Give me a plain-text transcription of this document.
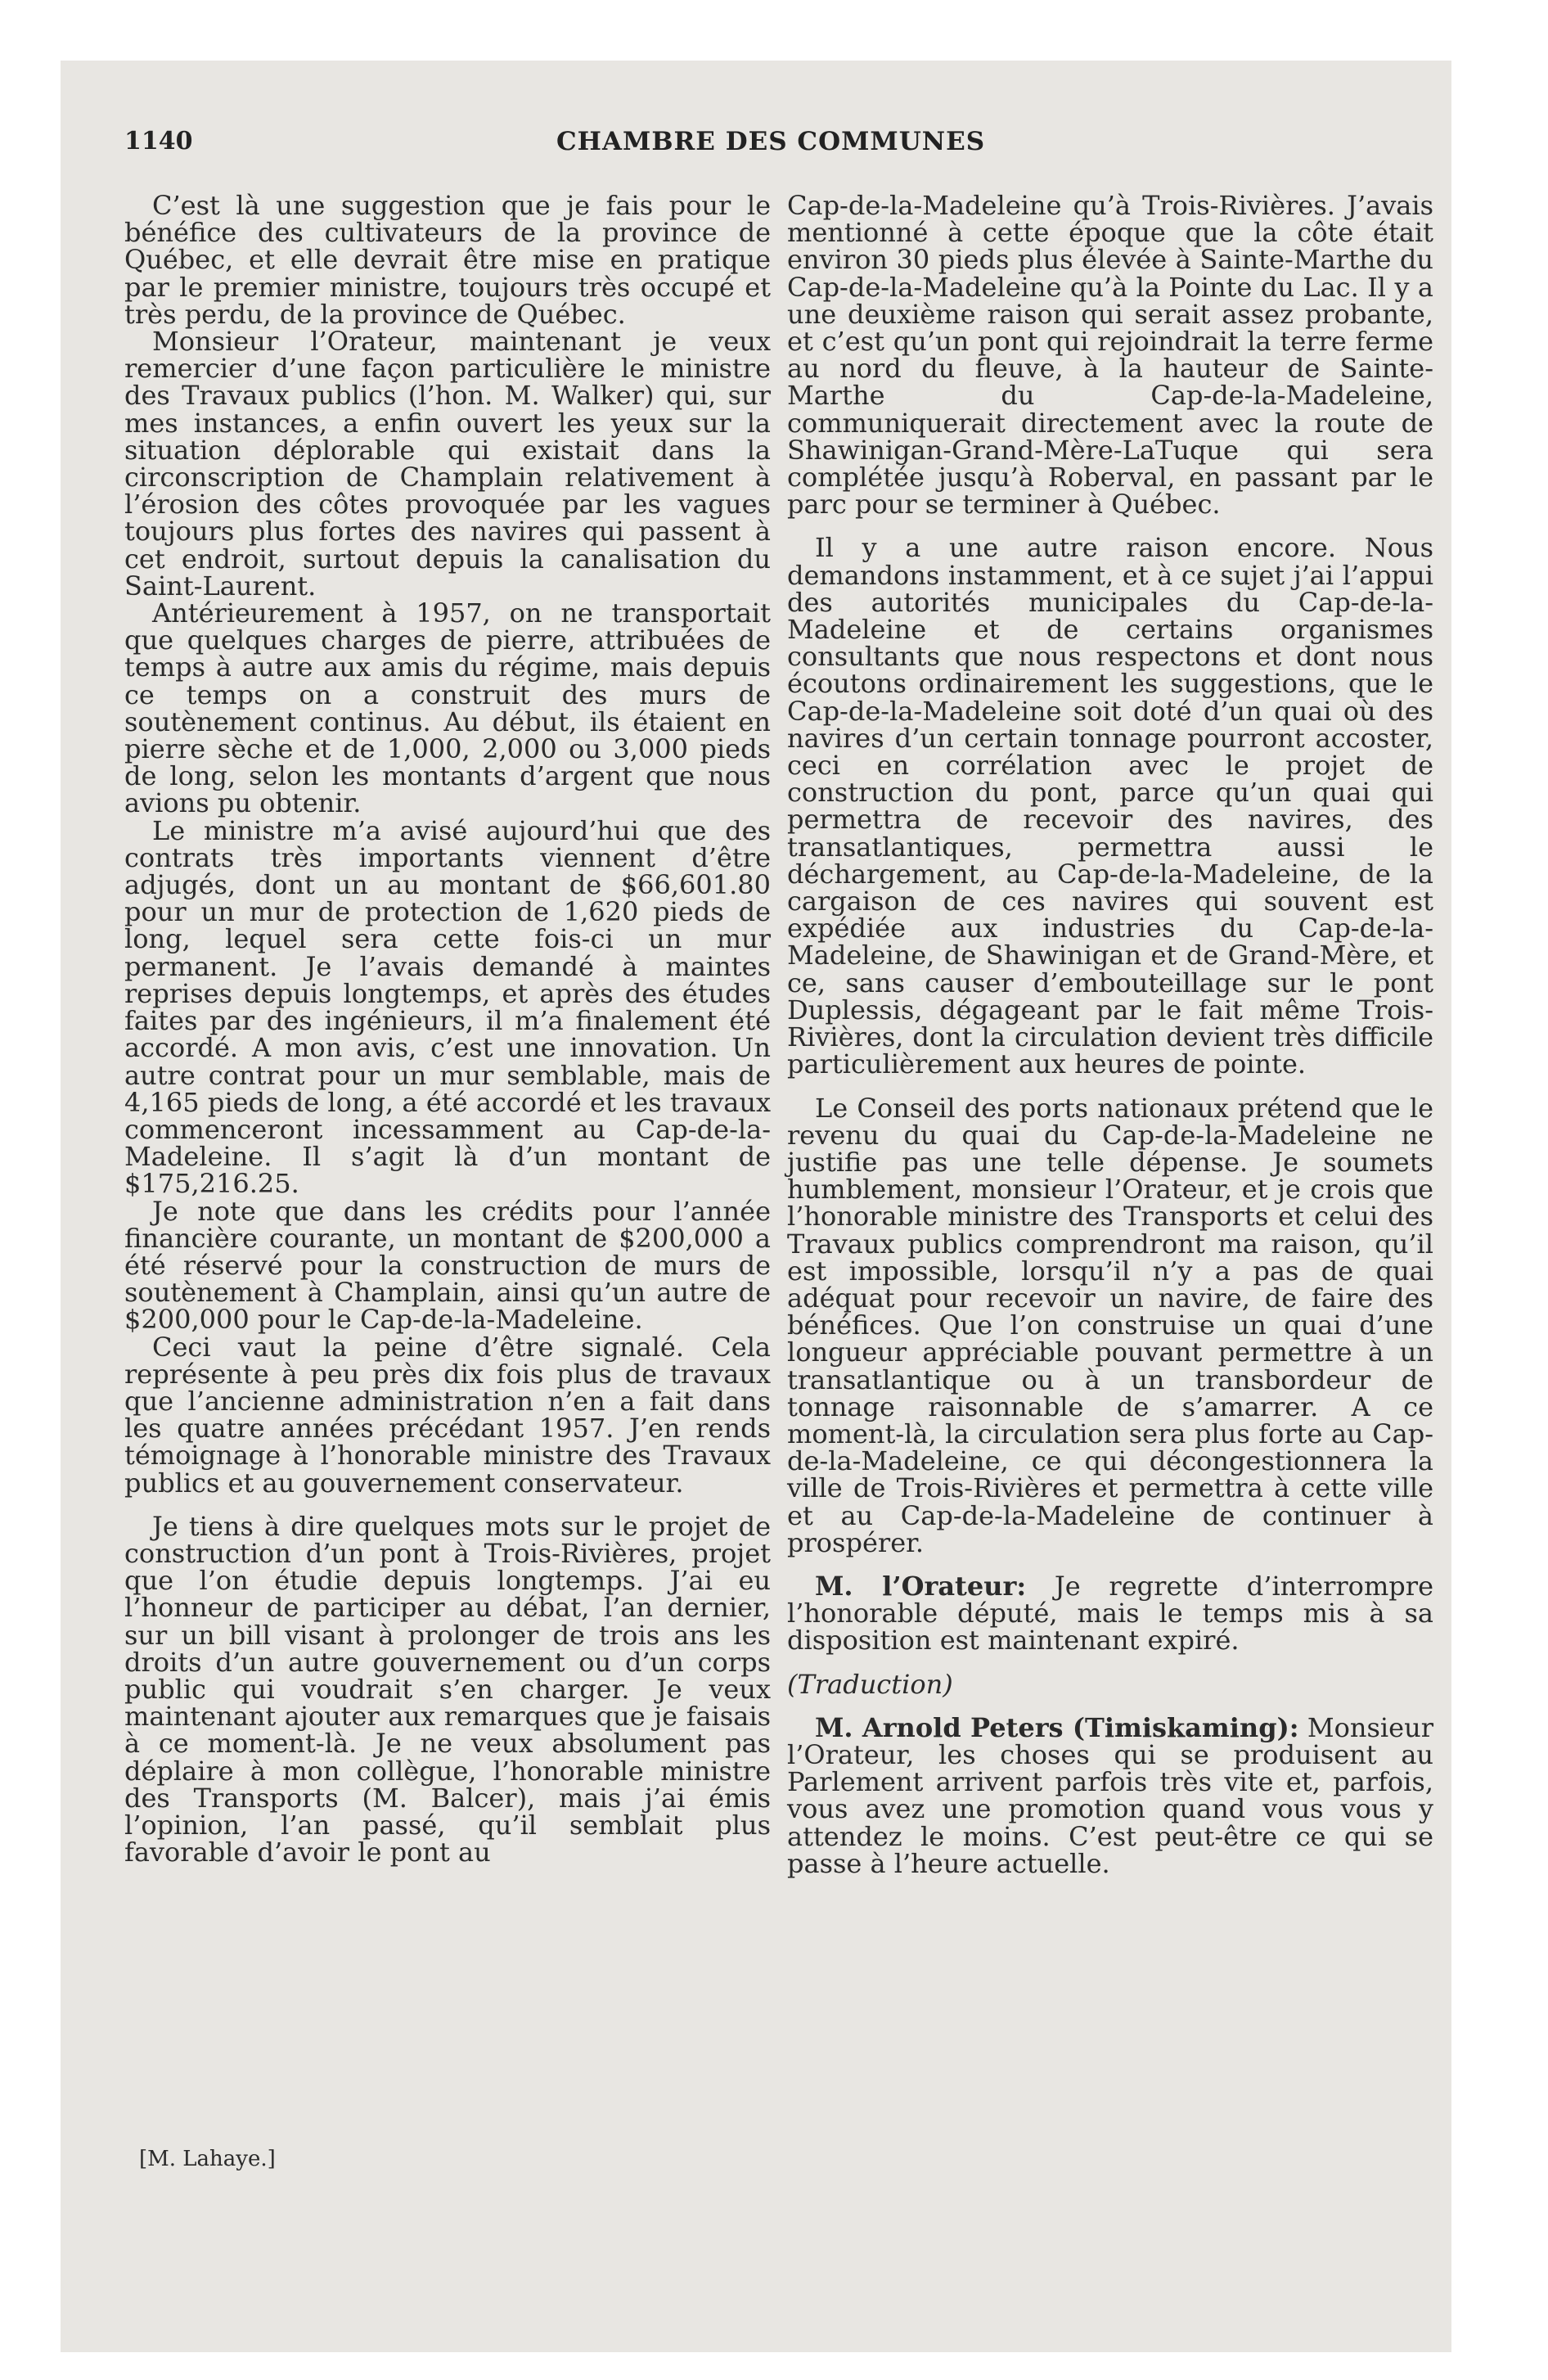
1140	CHAMBRE DES COMMUNES

C’est là une suggestion que je fais pour le bénéfice des cultivateurs de la province de Québec, et elle devrait être mise en pratique par le premier ministre, toujours très occupé et très perdu, de la province de Québec.

Monsieur l’Orateur, maintenant je veux remercier d’une façon particulière le ministre des Travaux publics (l’hon. M. Walker) qui, sur mes instances, a enfin ouvert les yeux sur la situation déplorable qui existait dans la circonscription de Champlain relativement à l’érosion des côtes provoquée par les vagues toujours plus fortes des navires qui passent à cet endroit, surtout depuis la canalisation du Saint-Laurent.

Antérieurement à 1957, on ne transportait que quelques charges de pierre, attribuées de temps à autre aux amis du régime, mais depuis ce temps on a construit des murs de soutènement continus. Au début, ils étaient en pierre sèche et de 1,000, 2,000 ou 3,000 pieds de long, selon les montants d’argent que nous avions pu obtenir.

Le ministre m’a avisé aujourd’hui que des contrats très importants viennent d’être adjugés, dont un au montant de $66,601.80 pour un mur de protection de 1,620 pieds de long, lequel sera cette fois-ci un mur permanent. Je l’avais demandé à maintes reprises depuis longtemps, et après des études faites par des ingénieurs, il m’a finalement été accordé. A mon avis, c’est une innovation. Un autre contrat pour un mur semblable, mais de 4,165 pieds de long, a été accordé et les travaux commenceront incessamment au Cap-de-la-Madeleine. Il s’agit là d’un montant de $175,216.25.

Je note que dans les crédits pour l’année financière courante, un montant de $200,000 a été réservé pour la construction de murs de soutènement à Champlain, ainsi qu’un autre de $200,000 pour le Cap-de-la-Madeleine.

Ceci vaut la peine d’être signalé. Cela représente à peu près dix fois plus de travaux que l’ancienne administration n’en a fait dans les quatre années précédant 1957. J’en rends témoignage à l’honorable ministre des Travaux publics et au gouvernement conservateur.

Je tiens à dire quelques mots sur le projet de construction d’un pont à Trois-Rivières, projet que l’on étudie depuis longtemps. J’ai eu l’honneur de participer au débat, l’an dernier, sur un bill visant à prolonger de trois ans les droits d’un autre gouvernement ou d’un corps public qui voudrait s’en charger. Je veux maintenant ajouter aux remarques que je faisais à ce moment-là. Je ne veux absolument pas déplaire à mon collègue, l’honorable ministre des Transports (M. Balcer), mais j’ai émis l’opinion, l’an passé, qu’il semblait plus favorable d’avoir le pont au

[M. Lahaye.]

Cap-de-la-Madeleine qu’à Trois-Rivières. J’avais mentionné à cette époque que la côte était environ 30 pieds plus élevée à Sainte-Marthe du Cap-de-la-Madeleine qu’à la Pointe du Lac. Il y a une deuxième raison qui serait assez probante, et c’est qu’un pont qui rejoindrait la terre ferme au nord du fleuve, à la hauteur de Sainte-Marthe du Cap-de-la-Madeleine, communiquerait directement avec la route de Shawinigan-Grand-Mère-LaTuque qui sera complétée jusqu’à Roberval, en passant par le parc pour se terminer à Québec.

Il y a une autre raison encore. Nous demandons instamment, et à ce sujet j’ai l’appui des autorités municipales du Cap-de-la-Madeleine et de certains organismes consultants que nous respectons et dont nous écoutons ordinairement les suggestions, que le Cap-de-la-Madeleine soit doté d’un quai où des navires d’un certain tonnage pourront accoster, ceci en corrélation avec le projet de construction du pont, parce qu’un quai qui permettra de recevoir des navires, des transatlantiques, permettra aussi le déchargement, au Cap-de-la-Madeleine, de la cargaison de ces navires qui souvent est expédiée aux industries du Cap-de-la-Madeleine, de Shawinigan et de Grand-Mère, et ce, sans causer d’embouteillage sur le pont Duplessis, dégageant par le fait même Trois-Rivières, dont la circulation devient très difficile particulièrement aux heures de pointe.

Le Conseil des ports nationaux prétend que le revenu du quai du Cap-de-la-Madeleine ne justifie pas une telle dépense. Je soumets humblement, monsieur l’Orateur, et je crois que l’honorable ministre des Transports et celui des Travaux publics comprendront ma raison, qu’il est impossible, lorsqu’il n’y a pas de quai adéquat pour recevoir un navire, de faire des bénéfices. Que l’on construise un quai d’une longueur appréciable pouvant permettre à un transatlantique ou à un transbordeur de tonnage raisonnable de s’amarrer. A ce moment-là, la circulation sera plus forte au Cap-de-la-Madeleine, ce qui décongestionnera la ville de Trois-Rivières et permettra à cette ville et au Cap-de-la-Madeleine de continuer à prospérer.

M. l’Orateur: Je regrette d’interrompre l’honorable député, mais le temps mis à sa disposition est maintenant expiré.

(Traduction)

M. Arnold Peters (Timiskaming): Monsieur l’Orateur, les choses qui se produisent au Parlement arrivent parfois très vite et, parfois, vous avez une promotion quand vous vous y attendez le moins. C’est peut-être ce qui se passe à l’heure actuelle.
